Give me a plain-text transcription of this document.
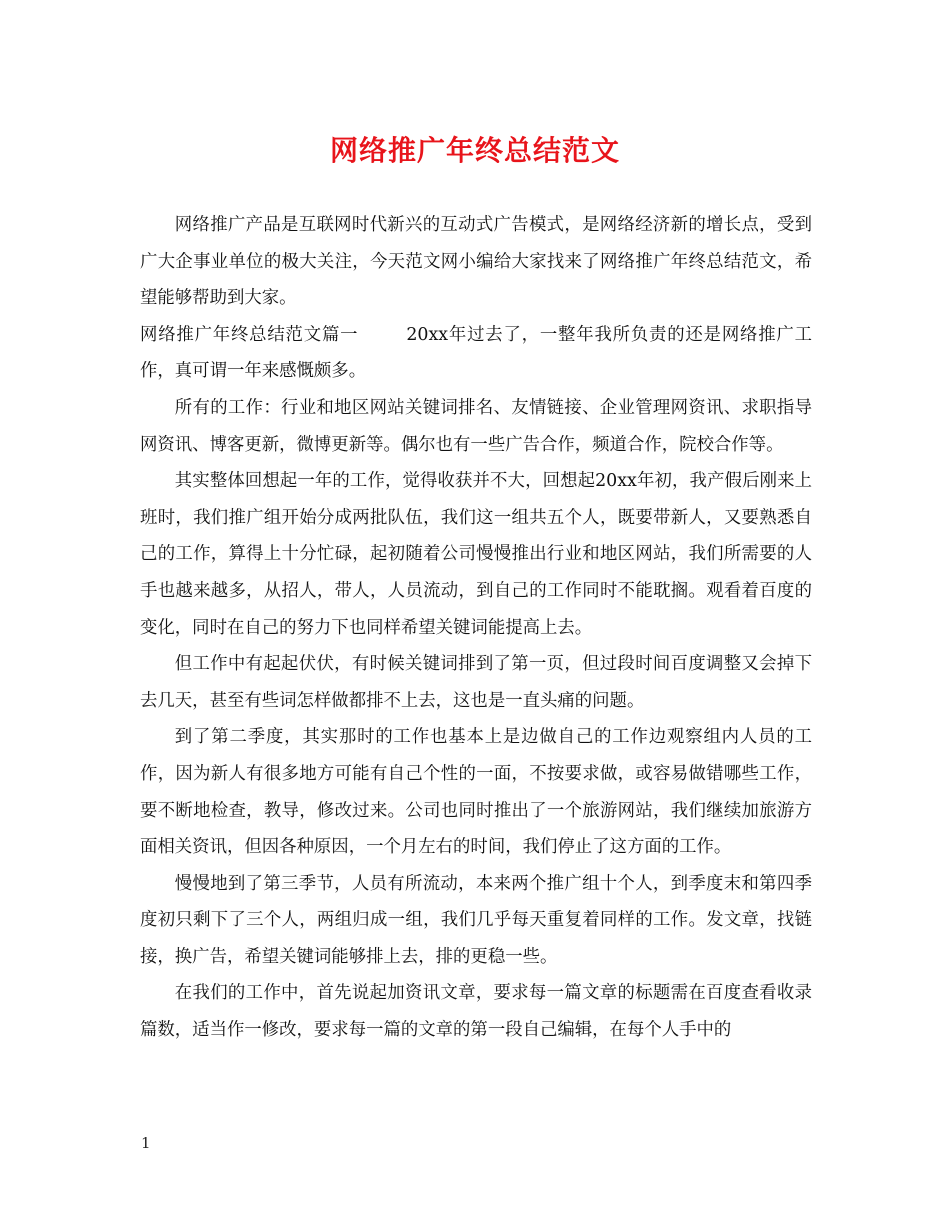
网络推广年终总结范文

网络推广产品是互联网时代新兴的互动式广告模式，是网络经济新的增长点，受到广大企事业单位的极大关注，今天范文网小编给大家找来了网络推广年终总结范文，希望能够帮助到大家。

网络推广年终总结范文篇一	20xx年过去了，一整年我所负责的还是网络推广工作，真可谓一年来感慨颇多。

所有的工作：行业和地区网站关键词排名、友情链接、企业管理网资讯、求职指导网资讯、博客更新，微博更新等。偶尔也有一些广告合作，频道合作，院校合作等。

其实整体回想起一年的工作，觉得收获并不大，回想起20xx年初，我产假后刚来上班时，我们推广组开始分成两批队伍，我们这一组共五个人，既要带新人，又要熟悉自己的工作，算得上十分忙碌，起初随着公司慢慢推出行业和地区网站，我们所需要的人手也越来越多，从招人，带人，人员流动，到自己的工作同时不能耽搁。观看着百度的变化，同时在自己的努力下也同样希望关键词能提高上去。

但工作中有起起伏伏，有时候关键词排到了第一页，但过段时间百度调整又会掉下去几天，甚至有些词怎样做都排不上去，这也是一直头痛的问题。

到了第二季度，其实那时的工作也基本上是边做自己的工作边观察组内人员的工作，因为新人有很多地方可能有自己个性的一面，不按要求做，或容易做错哪些工作，要不断地检查，教导，修改过来。公司也同时推出了一个旅游网站，我们继续加旅游方面相关资讯，但因各种原因，一个月左右的时间，我们停止了这方面的工作。

慢慢地到了第三季节，人员有所流动，本来两个推广组十个人，到季度末和第四季度初只剩下了三个人，两组归成一组，我们几乎每天重复着同样的工作。发文章，找链接，换广告，希望关键词能够排上去，排的更稳一些。

在我们的工作中，首先说起加资讯文章，要求每一篇文章的标题需在百度查看收录篇数，适当作一修改，要求每一篇的文章的第一段自己编辑，在每个人手中的

1
